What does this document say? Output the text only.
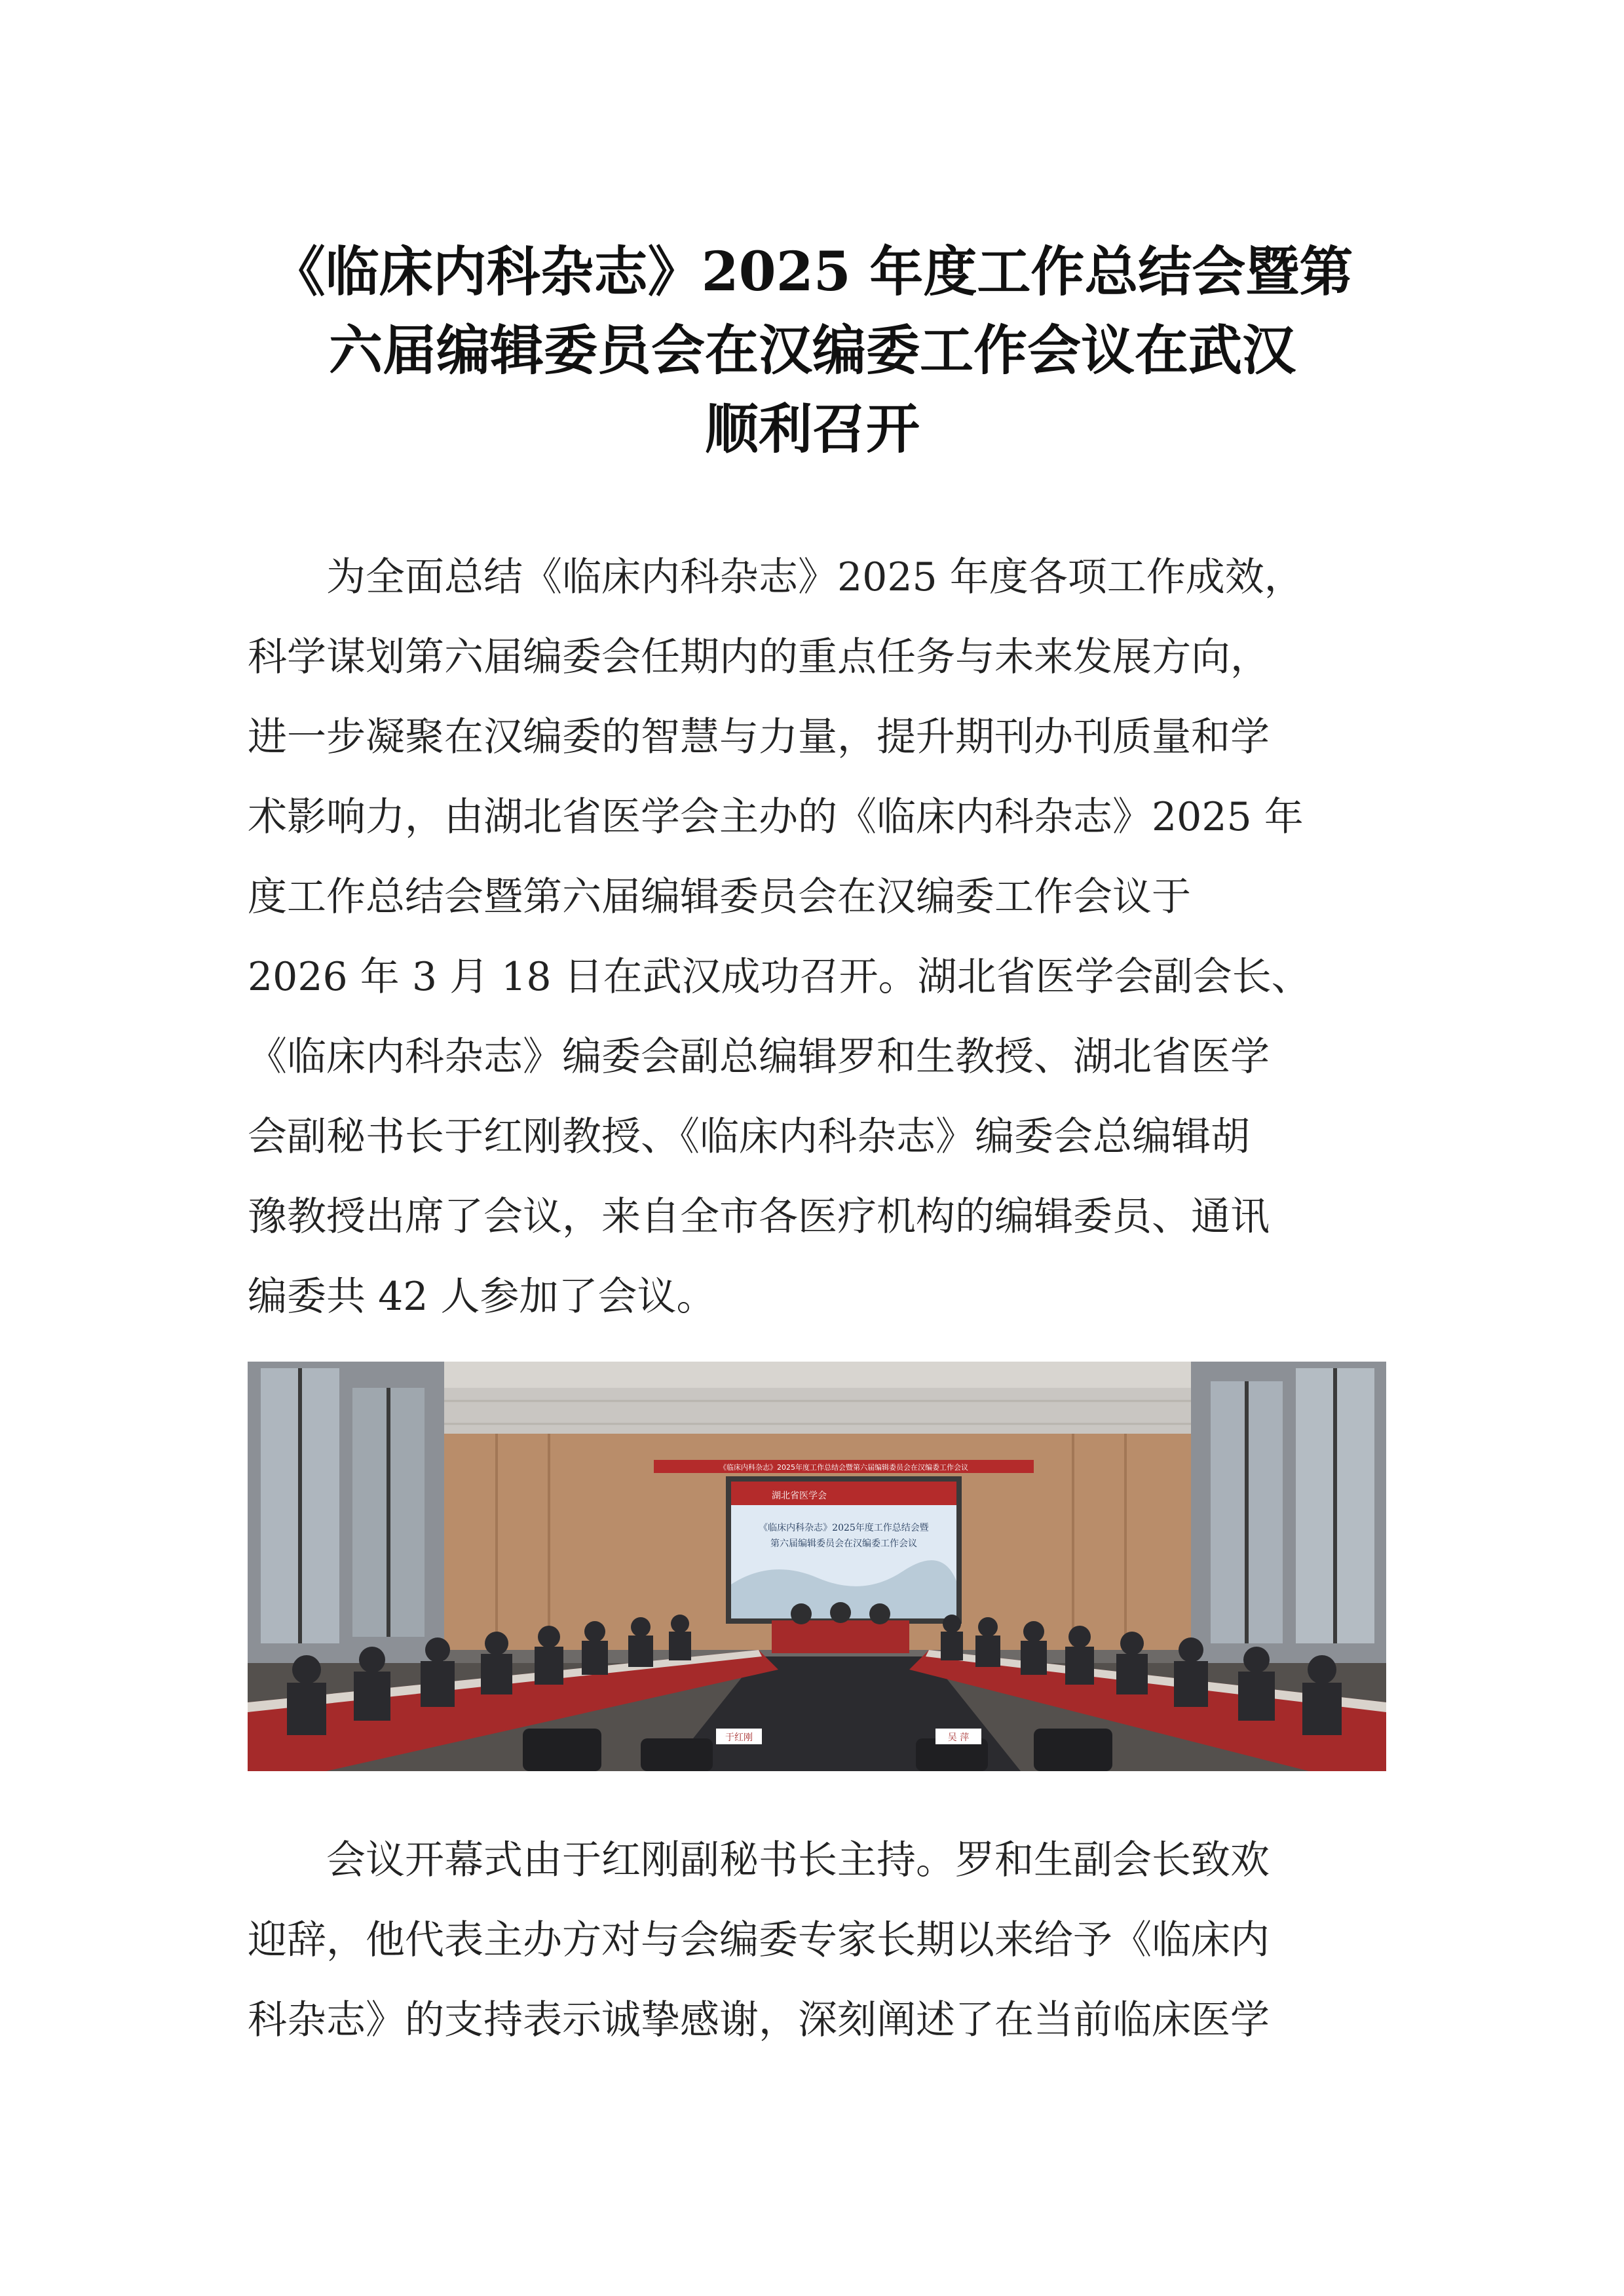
《临床内科杂志》2025 年度工作总结会暨第
六届编辑委员会在汉编委工作会议在武汉
顺利召开
　　为全面总结《临床内科杂志》2025 年度各项工作成效，
科学谋划第六届编委会任期内的重点任务与未来发展方向，
进一步凝聚在汉编委的智慧与力量，提升期刊办刊质量和学
术影响力，由湖北省医学会主办的《临床内科杂志》2025 年
度工作总结会暨第六届编辑委员会在汉编委工作会议于
2026 年 3 月 18 日在武汉成功召开。湖北省医学会副会长、
《临床内科杂志》编委会副总编辑罗和生教授、湖北省医学
会副秘书长于红刚教授、《临床内科杂志》编委会总编辑胡
豫教授出席了会议，来自全市各医疗机构的编辑委员、通讯
编委共 42 人参加了会议。
湖北省医学会
《临床内科杂志》2025年度工作总结会暨
第六届编辑委员会在汉编委工作会议
《临床内科杂志》2025年度工作总结会暨第六届编辑委员会在汉编委工作会议
于红刚	吴 萍
　　会议开幕式由于红刚副秘书长主持。罗和生副会长致欢
迎辞，他代表主办方对与会编委专家长期以来给予《临床内
科杂志》的支持表示诚挚感谢，深刻阐述了在当前临床医学
